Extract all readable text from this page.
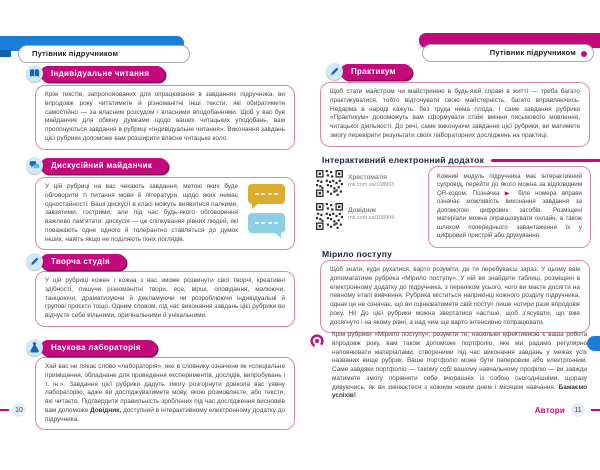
Путівник підручником
Індивідуальне читання

Крім текстів, запропонованих для опрацювання в завданнях підручника, ви впродовж року читатимете й різноманітні інші тексти, які обиратимете самостійно — за власним розсудом і власними вподобаннями. Щоб у вас був майданчик для обміну думками щодо ваших читацьких уподобань, вам пропонуються завдання в рубриці «Індивідуальне читання». Виконання завдань цієї рубрики допоможе вам розширити власне читацьке коло.

Дискусійний майданчик

У цій рубриці на вас чекають завдання, метою яких буде обговорити ті питання мови й літератури, щодо яких немає одностайності. Ваші дискусії в класі можуть виявитися палкими, завзятими, гострими, але під час будь-якого обговорення важливо памʼятати: дискусія — це спілкування рівних людей, які поважають одне одного й толерантно ставляться до думок інших, навіть якщо не поділяють їхніх поглядів.

Творча студія

У цій рубриці кожен і кожна з вас зможе розвинути свої творчі, креативні здібності, пишучи різноманітні твори, есе, вірші, оповідання, малюючи, танцюючи, драматизуючи й декламуючи чи розроблюючи індивідуальні й групові проєкти тощо. Одним словом, під час виконання завдань цієї рубрики ви відчуєте себе вільними, оригінальними й унікальними.

Наукова лабораторія

Хай вас не лякає слово «лабораторія», яке в словнику означене як «спеціальне приміщення, обладнане для проведення експериментів, дослідів, випробувань і т. ін.». Завдання цієї рубрики дадуть змогу розгорнути довкола вас уявну лабораторію, адже ви досліджуватимете мову, якою розмовляєте, або тексти, які читаєте. Підтвердити правильність зроблених під час дослідження висновків вам допоможе Довідник, доступний в інтерактивному електронному додатку до підручника.

10
Путівник підручником
Практикум

Щоб стати майстром чи майстринею в будь-якій справі в житті — треба багато практикуватися, тобто відточувати свою майстерність, багато вправляючись. Недарма в народі кажуть: без труда нема плода. І саме завдання рубрики «Практикум» допоможуть вам сформувати стійкі вміння письмового мовлення, читацької діяльності. До речі, саме виконуючи завдання цієї рубрики, ви матимете змогу перевірити результати своїх лабораторних досліджень на практиці.

Інтерактивний електронний додаток
Хрестоматія
rnk.com.ua/108903
Довідник
rnk.com.ua/108904

Кожний модуль підручника має інтерактивний супровід, перейти до якого можна за відповідним QR-кодом. Позначка ▶ біля номера вправи означає можливість виконання завдання за допомогою цифрових засобів. Розміщені матеріали можна опрацьовувати онлайн, а також шляхом попереднього завантаження їх у цифровий пристрій або друкування.

Мірило поступу

Щоб знати, куди рухатися, варто розуміти, де ти перебуваєш зараз. У цьому вам допомагатиме рубрика «Мірило поступу». У ній ви знайдете таблиці, розміщені в електронному додатку до підручника, з переліком усього, чого ви маєте досягти на певному етапі вивчення. Рубрика міститься наприкінці кожного розділу підручника, однак це не означає, що ви оцінюватимете свій поступ лише чотири рази впродовж року. Ні! До цієї рубрики можна звертатися частіше, щоб зʼясувати, що вже досягнуто і на якому рівні, а над чим ще варто інтенсивно попрацювати.

Крім рубрики «Мірило поступу», розуміти те, наскільки ефективною є ваша робота впродовж року, вам також допоможе портфоліо, яке ми радимо регулярно наповнювати матеріалами, створеними під час виконання завдань у межах усіх названих вище рубрик. Ваше портфоліо може бути паперовим або електронним. Саме завдяки портфоліо — такому собі вашому навчальному профілю — ви завжди матимете змогу порівняти себе вчорашніх із собою сьогоднішніми, щоразу дивуючись, як ви змінюєтеся з кожним новим днем і місяцем навчання. Бажаємо успіхів!
Автори	11
